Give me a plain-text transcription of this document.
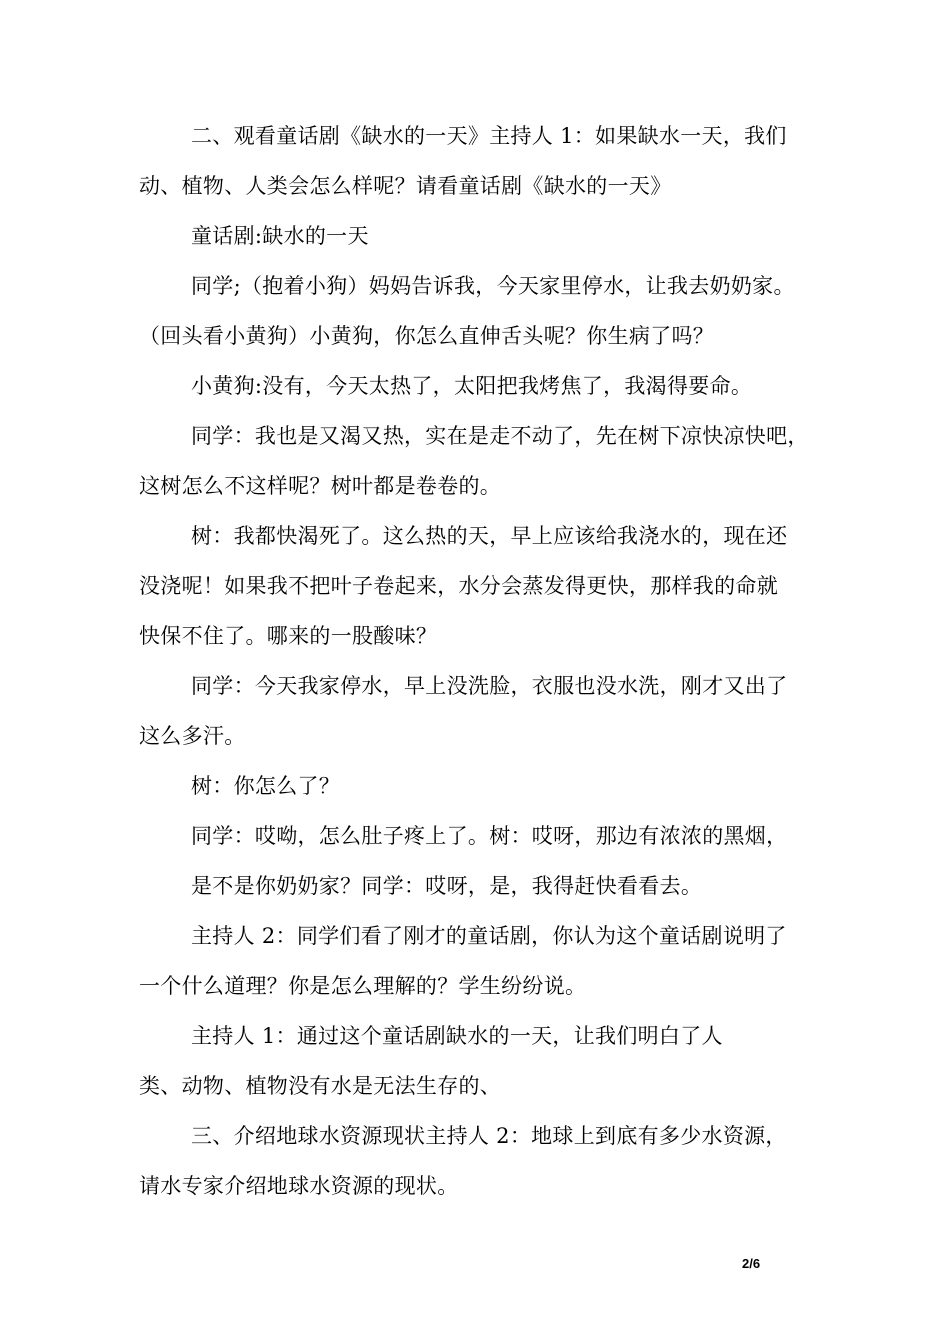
二、观看童话剧《缺水的一天》主持人 1：如果缺水一天，我们
动、植物、人类会怎么样呢？请看童话剧《缺水的一天》
童话剧:缺水的一天
同学;（抱着小狗）妈妈告诉我，今天家里停水，让我去奶奶家。
（回头看小黄狗）小黄狗，你怎么直伸舌头呢？你生病了吗？
小黄狗:没有，今天太热了，太阳把我烤焦了，我渴得要命。
同学：我也是又渴又热，实在是走不动了，先在树下凉快凉快吧，
这树怎么不这样呢？树叶都是卷卷的。
树：我都快渴死了。这么热的天，早上应该给我浇水的，现在还
没浇呢！如果我不把叶子卷起来，水分会蒸发得更快，那样我的命就
快保不住了。哪来的一股酸味？
同学：今天我家停水，早上没洗脸，衣服也没水洗，刚才又出了
这么多汗。
树：你怎么了？
同学：哎呦，怎么肚子疼上了。树：哎呀，那边有浓浓的黑烟，
是不是你奶奶家？同学：哎呀，是，我得赶快看看去。
主持人 2：同学们看了刚才的童话剧，你认为这个童话剧说明了
一个什么道理？你是怎么理解的？学生纷纷说。
主持人 1：通过这个童话剧缺水的一天，让我们明白了人
类、动物、植物没有水是无法生存的、
三、介绍地球水资源现状主持人 2：地球上到底有多少水资源，
请水专家介绍地球水资源的现状。
2/6
